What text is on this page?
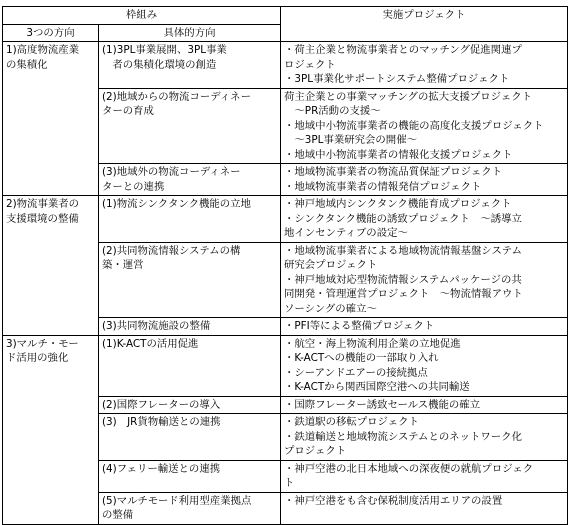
枠組み		実施プロジェクト
3つの方向	具体的方向	
1)高度物流産業
の集積化	(1)3PL事業展開、3PL事業
　者の集積化環境の創造	・荷主企業と物流事業者とのマッチング促進関連プ
ロジェクト
・3PL事業化サポートシステム整備プロジェクト
	(2)地域からの物流コーディネー
ターの育成	荷主企業との事業マッチングの拡大支援プロジェクト
　～PR活動の支援～
・地域中小物流事業者の機能の高度化支援プロジェクト
　～3PL事業研究会の開催～
・地域中小物流事業者の情報化支援プロジェクト
	(3)地域外の物流コーディネー
ターとの連携	・地域物流事業者の物流品質保証プロジェクト
・地域物流事業者の情報発信プロジェクト
2)物流事業者の
支援環境の整備	(1)物流シンクタンク機能の立地	・神戸地域内シンクタンク機能育成プロジェクト
・シンクタンク機能の誘致プロジェクト　～誘導立
地インセンティブの設定～
	(2)共同物流情報システムの構
築・運営	・地域物流事業者による地域物流情報基盤システム
研究会プロジェクト
・神戸地域対応型物流情報システムパッケージの共
同開発・管理運営プロジェクト　～物流情報アウト
ソーシングの確立～
	(3)共同物流施設の整備	・PFI等による整備プロジェクト
3)マルチ・モー
ド活用の強化	(1)K-ACTの活用促進	・航空・海上物流利用企業の立地促進
・K-ACTへの機能の一部取り入れ
・シーアンドエアーの接続拠点
・K-ACTから関西国際空港への共同輸送
	(2)国際フレーターの導入	・国際フレーター誘致セールス機能の確立
	(3)　JR貨物輸送との連携	・鉄道駅の移転プロジェクト
・鉄道輸送と地域物流システムとのネットワーク化
プロジェクト
	(4)フェリー輸送との連携	・神戸空港の北日本地域への深夜便の就航プロジェク
ト
	(5)マルチモード利用型産業拠点
の整備	・神戸空港をも含む保税制度活用エリアの設置
